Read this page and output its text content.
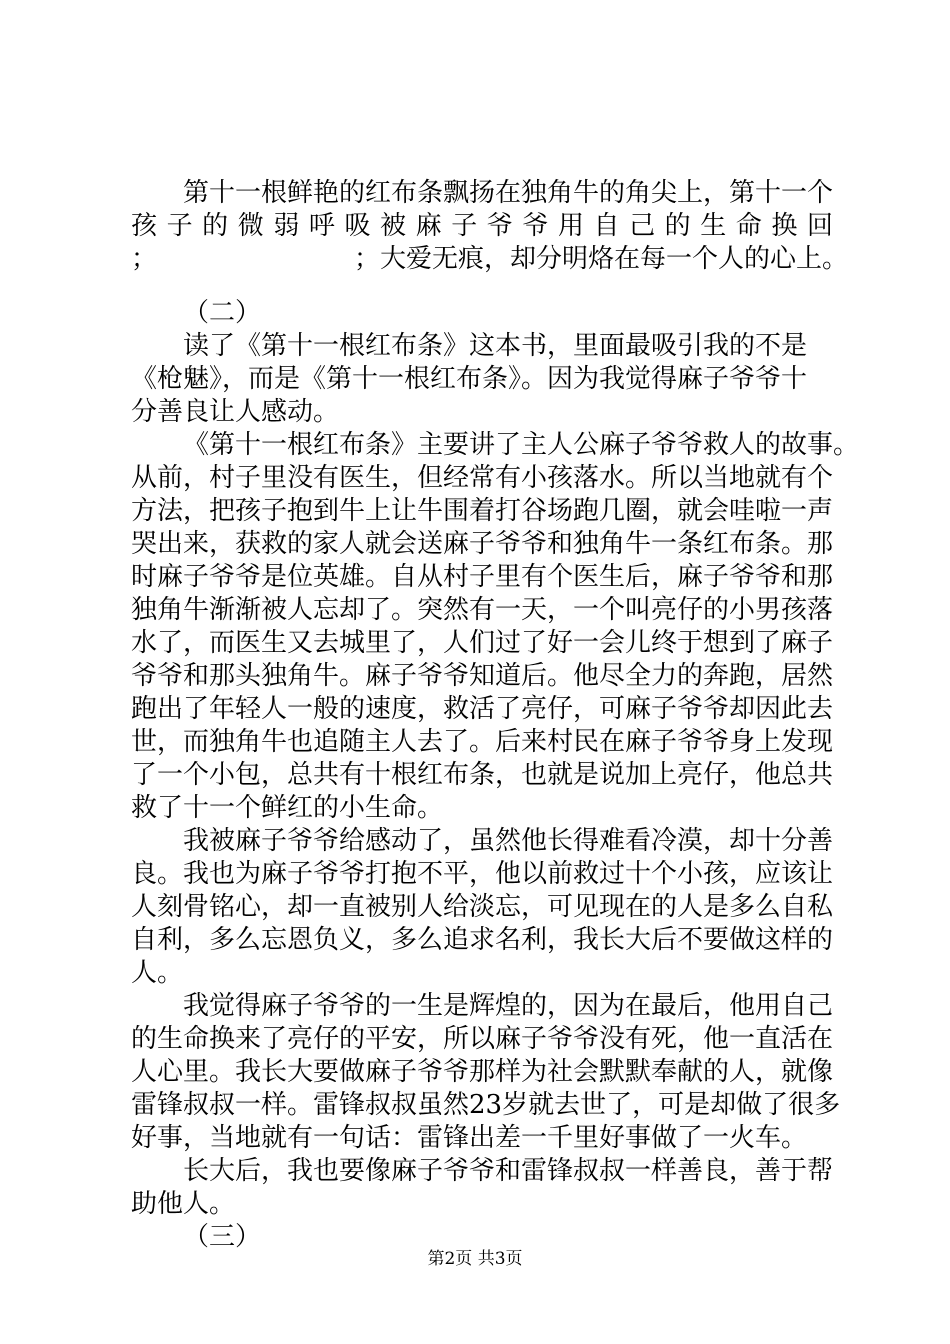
第十一根鲜艳的红布条飘扬在独角牛的角尖上，第十一个
孩 子 的 微 弱 呼 吸 被 麻 子 爷 爷 用 自 己 的 生 命 换 回
；	；大爱无痕，却分明烙在每一个人的心上。
（二）
读了《第十一根红布条》这本书，里面最吸引我的不是
《枪魅》，而是《第十一根红布条》。因为我觉得麻子爷爷十
分善良让人感动。
《第十一根红布条》主要讲了主人公麻子爷爷救人的故事。
从前，村子里没有医生，但经常有小孩落水。所以当地就有个
方法，把孩子抱到牛上让牛围着打谷场跑几圈，就会哇啦一声
哭出来，获救的家人就会送麻子爷爷和独角牛一条红布条。那
时麻子爷爷是位英雄。自从村子里有个医生后，麻子爷爷和那
独角牛渐渐被人忘却了。突然有一天，一个叫亮仔的小男孩落
水了，而医生又去城里了，人们过了好一会儿终于想到了麻子
爷爷和那头独角牛。麻子爷爷知道后。他尽全力的奔跑，居然
跑出了年轻人一般的速度，救活了亮仔，可麻子爷爷却因此去
世，而独角牛也追随主人去了。后来村民在麻子爷爷身上发现
了一个小包，总共有十根红布条，也就是说加上亮仔，他总共
救了十一个鲜红的小生命。
我被麻子爷爷给感动了，虽然他长得难看冷漠，却十分善
良。我也为麻子爷爷打抱不平，他以前救过十个小孩，应该让
人刻骨铭心，却一直被别人给淡忘，可见现在的人是多么自私
自利，多么忘恩负义，多么追求名利，我长大后不要做这样的
人。
我觉得麻子爷爷的一生是辉煌的，因为在最后，他用自己
的生命换来了亮仔的平安，所以麻子爷爷没有死，他一直活在
人心里。我长大要做麻子爷爷那样为社会默默奉献的人，就像
雷锋叔叔一样。雷锋叔叔虽然23岁就去世了，可是却做了很多
好事，当地就有一句话：雷锋出差一千里好事做了一火车。
长大后，我也要像麻子爷爷和雷锋叔叔一样善良，善于帮
助他人。
（三）
第2页 共3页
